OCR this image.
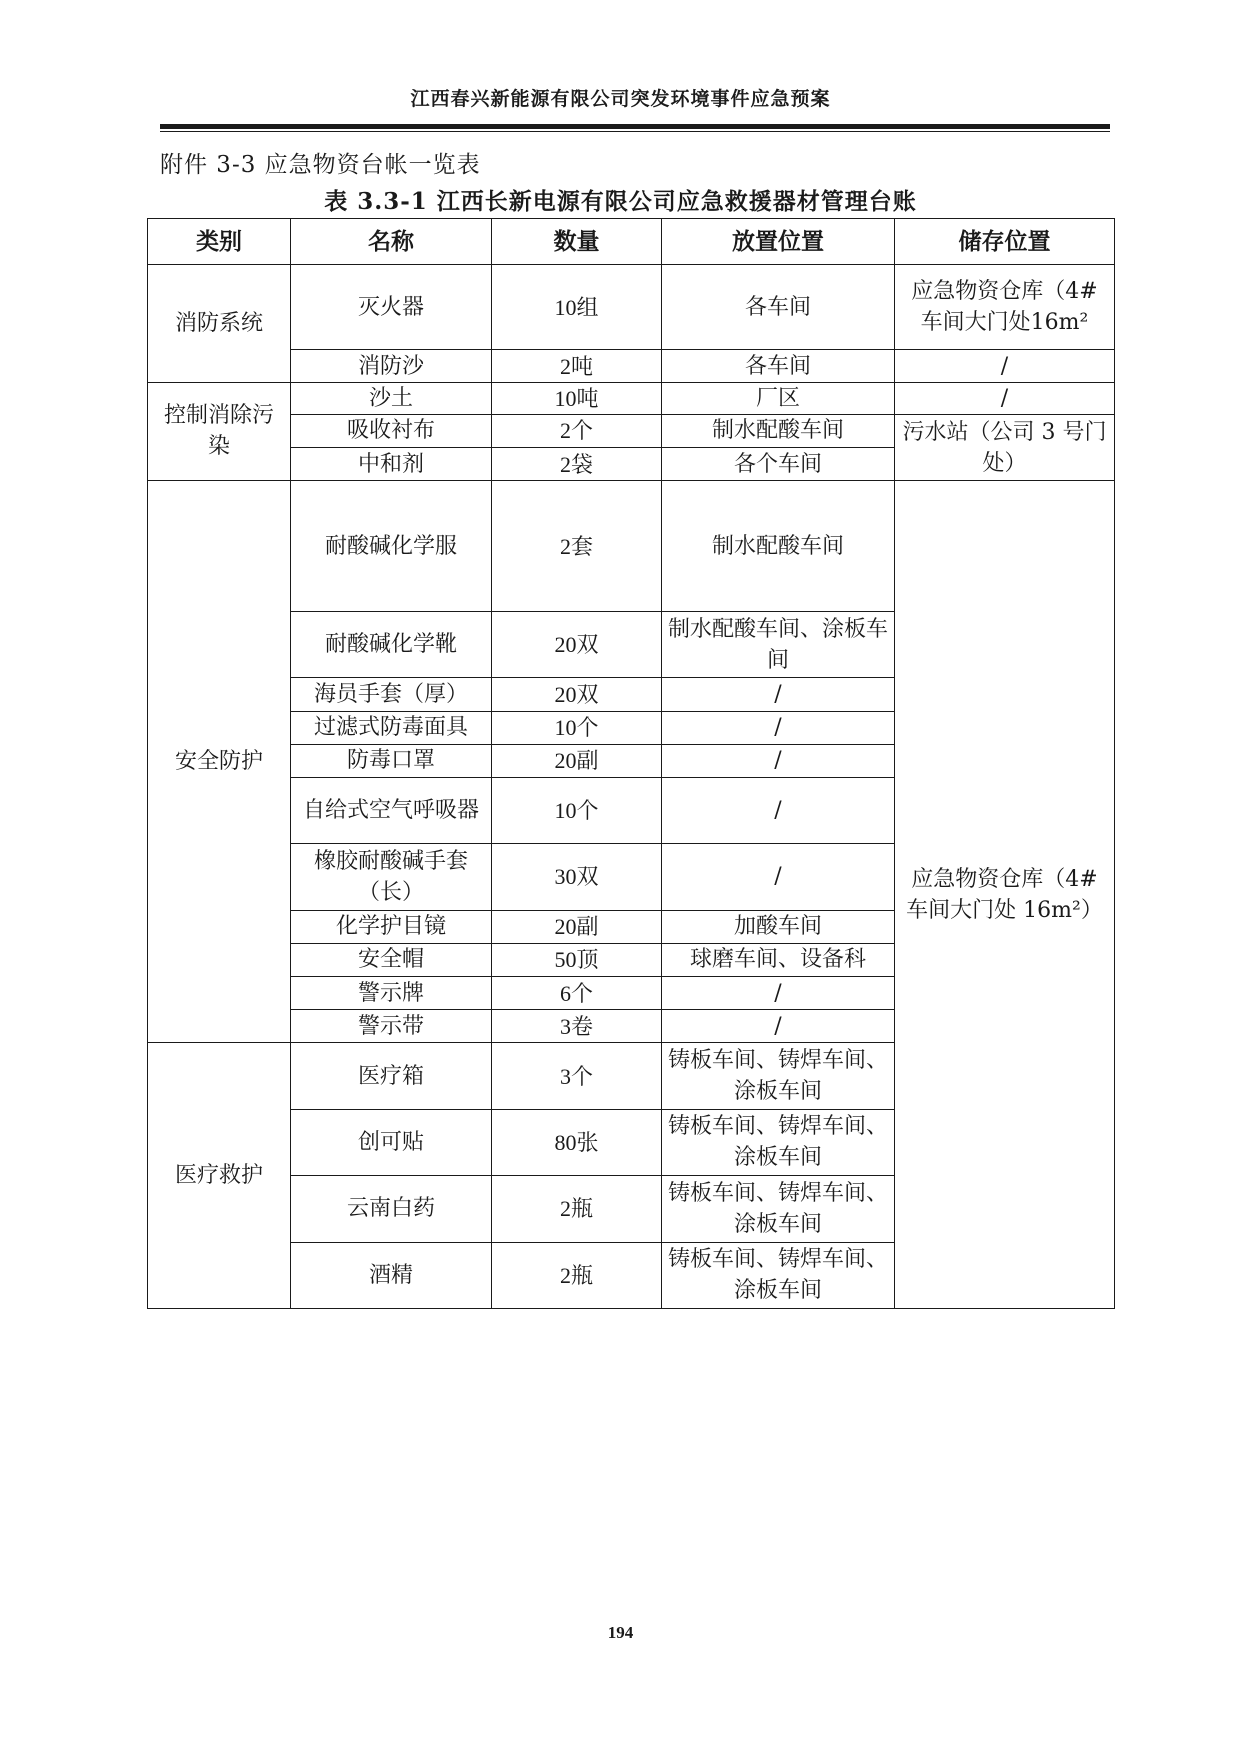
江西春兴新能源有限公司突发环境事件应急预案
附件 3-3 应急物资台帐一览表
表 3.3-1 江西长新电源有限公司应急救援器材管理台账
类别	名称	数量	放置位置	储存位置
消防系统	灭火器	10组	各车间	应急物资仓库（4#车间大门处16m²
	消防沙	2吨	各车间	/
控制消除污染	沙土	10吨	厂区	/
	吸收衬布	2个	制水配酸车间	污水站（公司 3 号门处）
	中和剂	2袋	各个车间	
安全防护	耐酸碱化学服	2套	制水配酸车间	应急物资仓库（4#车间大门处 16m²）
	耐酸碱化学靴	20双	制水配酸车间、涂板车间	
	海员手套（厚）	20双	/	
	过滤式防毒面具	10个	/	
	防毒口罩	20副	/	
	自给式空气呼吸器	10个	/	
	橡胶耐酸碱手套（长）	30双	/	
	化学护目镜	20副	加酸车间	
	安全帽	50顶	球磨车间、设备科	
	警示牌	6个	/	
	警示带	3卷	/	
医疗救护	医疗箱	3个	铸板车间、铸焊车间、涂板车间	
	创可贴	80张	铸板车间、铸焊车间、涂板车间	
	云南白药	2瓶	铸板车间、铸焊车间、涂板车间	
	酒精	2瓶	铸板车间、铸焊车间、涂板车间	
194
